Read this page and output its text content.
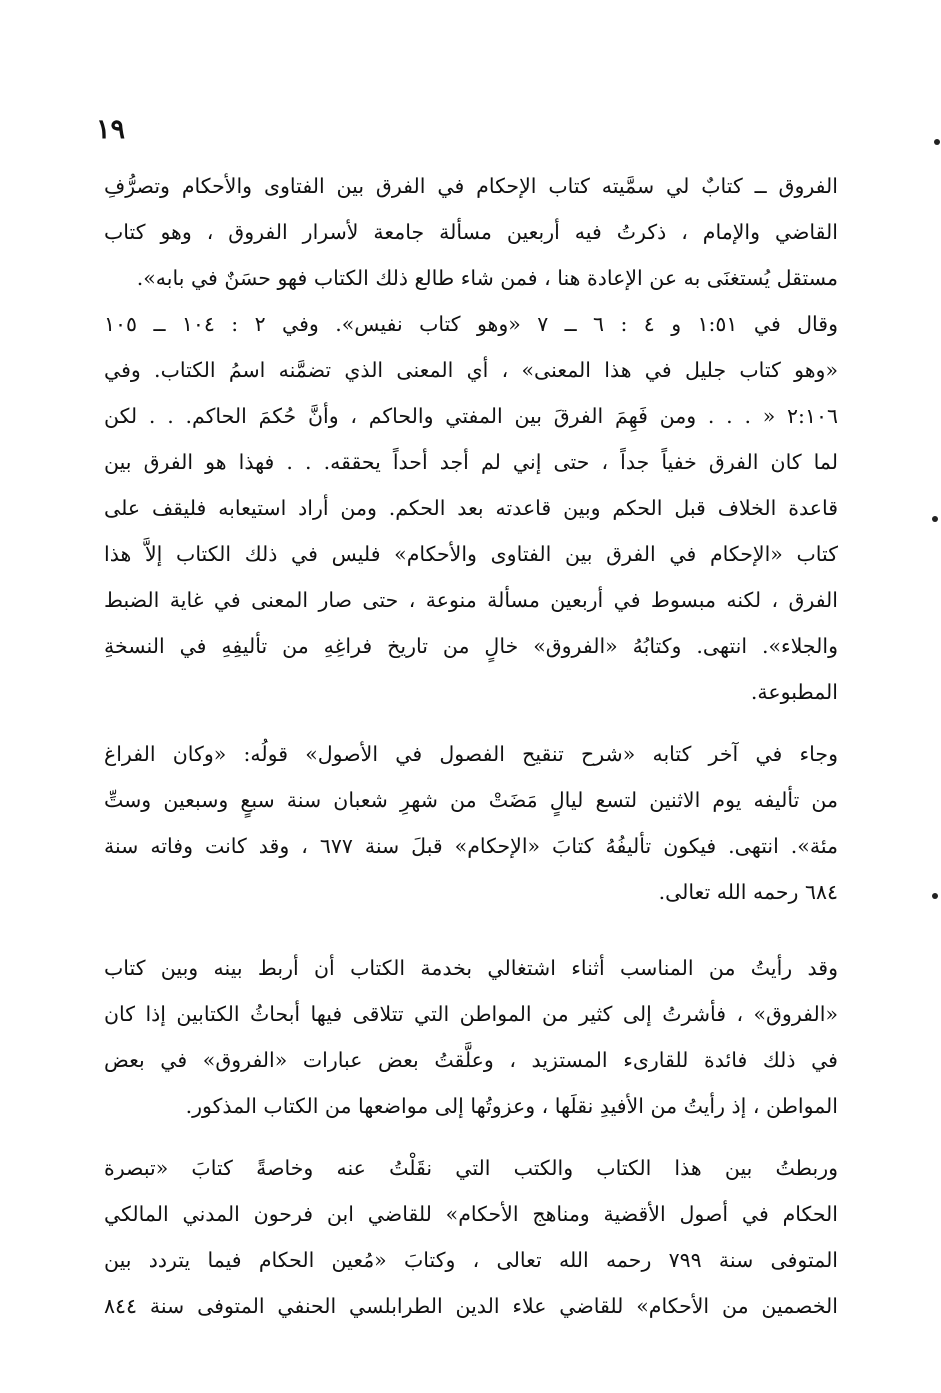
١٩

الفروق ــ كتابٌ لي سمَّيته كتاب الإحكام في الفرق بين الفتاوى والأحكام وتصرُّفِ
القاضي والإمام ، ذكرتُ فيه أربعين مسألة جامعة لأسرار الفروق ، وهو كتاب
مستقل يُستغنَى به عن الإعادة هنا ، فمن شاء طالع ذلك الكتاب فهو حسَنٌ في بابه».

وقال في ١:٥١ و ٤ : ٦ ــ ٧ «وهو كتاب نفيس». وفي ٢ : ١٠٤ ــ ١٠٥
«وهو كتاب جليل في هذا المعنى» ، أي المعنى الذي تضمَّنه اسمُ الكتاب. وفي
٢:١٠٦ « . . . ومن فَهِمَ الفرقَ بين المفتي والحاكم ، وأنَّ حُكمَ الحاكم. . . لكن
لما كان الفرق خفياً جداً ، حتى إني لم أجد أحداً يحققه. . . فهذا هو الفرق بين
قاعدة الخلاف قبل الحكم وبين قاعدته بعد الحكم. ومن أراد استيعابه فليقف على
كتاب «الإحكام في الفرق بين الفتاوى والأحكام» فليس في ذلك الكتاب إلاَّ هذا
الفرق ، لكنه مبسوط في أربعين مسألة منوعة ، حتى صار المعنى في غاية الضبط
والجلاء». انتهى. وكتابُهُ «الفروق» خالٍ من تاريخ فراغِهِ من تأليفِهِ في النسخةِ
المطبوعة.

وجاء في آخر كتابه «شرح تنقيح الفصول في الأصول» قولُه: «وكان الفراغ
من تأليفه يوم الاثنين لتسع ليالٍ مَضَتْ من شهرِ شعبان سنة سبعٍ وسبعين وستِّ
مئة». انتهى. فيكون تأليفُهُ كتابَ «الإحكام» قبلَ سنة ٦٧٧ ، وقد كانت وفاته سنة
٦٨٤ رحمه الله تعالى.

وقد رأيتُ من المناسب أثناء اشتغالي بخدمة الكتاب أن أربط بينه وبين كتاب
«الفروق» ، فأشرتُ إلى كثير من المواطن التي تتلاقى فيها أبحاثُ الكتابين إذا كان
في ذلك فائدة للقارىء المستزيد ، وعلَّقتُ بعض عبارات «الفروق» في بعض
المواطن ، إذ رأيتُ من الأفيدِ نقلَها ، وعزوتُها إلى مواضعها من الكتاب المذكور.

وربطتُ بين هذا الكتاب والكتب التي نقَلْتُ عنه وخاصةً كتابَ «تبصرة
الحكام في أصول الأقضية ومناهج الأحكام» للقاضي ابن فرحون المدني المالكي
المتوفى سنة ٧٩٩ رحمه الله تعالى ، وكتابَ «مُعين الحكام فيما يتردد بين
الخصمين من الأحكام» للقاضي علاء الدين الطرابلسي الحنفي المتوفى سنة ٨٤٤
